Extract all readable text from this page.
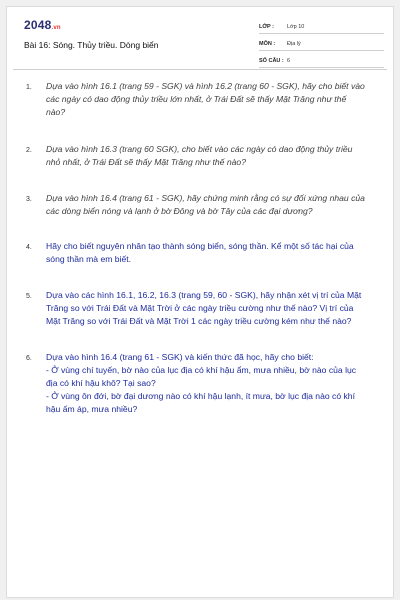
2048.vn
Bài 16: Sóng. Thủy triều. Dòng biển
LỚP :	Lớp 10
MÔN :	Địa lý
SỐ CÂU : 6
1.	Dựa vào hình 16.1 (trang 59 - SGK) và hình 16.2 (trang 60 - SGK), hãy cho biết vào
các ngày có dao động thủy triều lớn nhất, ở Trái Đất sẽ thấy Mặt Trăng như thế
nào?
2.	Dựa vào hình 16.3 (trang 60 SGK), cho biết vào các ngày có dao động thủy triều
nhỏ nhất, ở Trái Đất sẽ thấy Mặt Trăng như thế nào?
3.	Dựa vào hình 16.4 (trang 61 - SGK), hãy chứng minh rằng có sự đối xứng nhau của
các dòng biển nóng và lạnh ở bờ Đông và bờ Tây của các đại dương?
4.	Hãy cho biết nguyên nhân tạo thành sóng biển, sóng thần. Kể một số tác hại của
sóng thần mà em biết.
5.	Dựa vào các hình 16.1, 16.2, 16.3 (trang 59, 60 - SGK), hãy nhận xét vị trí của Mặt
Trăng so với Trái Đất và Mặt Trời ở các ngày triều cường như thế nào? Vị trí của
Mặt Trăng so với Trái Đất và Mặt Trời 1 các ngày triều cường kém như thế nào?
6.	Dựa vào hình 16.4 (trang 61 - SGK) và kiến thức đã học, hãy cho biết:
- Ở vùng chí tuyến, bờ nào của lục địa có khí hậu ẩm, mưa nhiều, bờ nào của lục
địa có khí hậu khô? Tại sao?
- Ở vùng ôn đới, bờ đại dương nào có khí hậu lạnh, ít mưa, bờ lục địa nào có khí
hậu ấm áp, mưa nhiều?
